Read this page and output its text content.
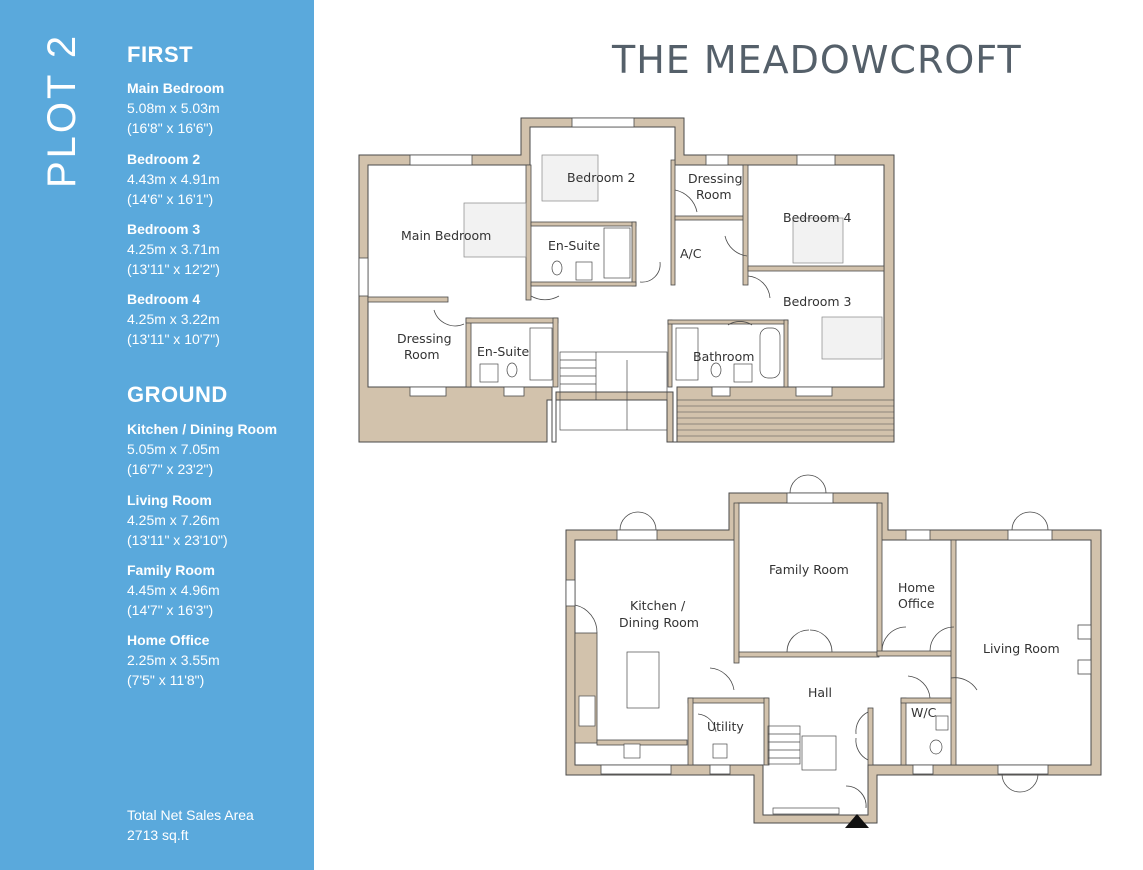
PLOT 2 FIRST
Main Bedroom
5.08m x 5.03m
(16'8" x 16'6")
Bedroom 2
4.43m x 4.91m
(14'6" x 16'1")
Bedroom 3
4.25m x 3.71m
(13'11" x 12'2")
Bedroom 4
4.25m x 3.22m
(13'11" x 10'7")
GROUND
Kitchen / Dining Room
5.05m x 7.05m
(16'7" x 23'2")
Living Room
4.25m x 7.26m
(13'11" x 23'10")
Family Room
4.45m x 4.96m
(14'7" x 16'3")
Home Office
2.25m x 3.55m
(7'5" x 11'8")
Total Net Sales Area
2713 sq.ft
THE MEADOWCROFT
Bedroom 2	Dressing
Room
Bedroom 4
Main Bedroom
En-Suite
A/C
Bedroom 3
Dressing
Room	En-Suite	Bathroom
Family Room
Home
Office
Kitchen /
Dining Room
Living Room
Hall
Utility
W/C
